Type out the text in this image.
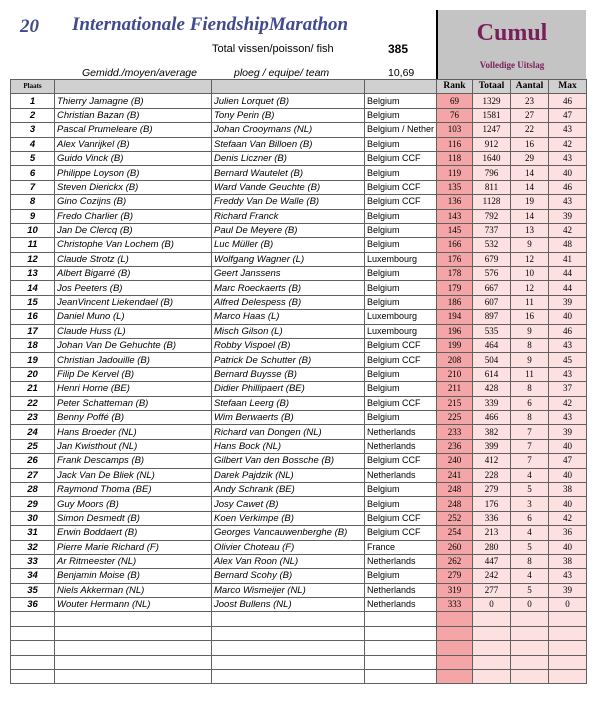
20 Internationale FiendshipMarathon
Total vissen/poisson/ fish	385
Gemidd./moyen/average	ploeg / equipe/ team	10,69
Cumul
Volledige Uitslag
Plaats				Rank	Totaal	Aantal	Max
1	Thierry Jamagne (B)	Julien Lorquet (B)	Belgium	69	1329	23	46
2	Christian Bazan (B)	Tony Perin (B)	Belgium	76	1581	27	47
3	Pascal Prumeleare (B)	Johan Crooymans (NL)	Belgium / Nether	103	1247	22	43
4	Alex Vanrijkel (B)	Stefaan Van Billoen (B)	Belgium	116	912	16	42
5	Guido Vinck (B)	Denis Liczner (B)	Belgium CCF	118	1640	29	43
6	Philippe Loyson (B)	Bernard Wautelet (B)	Belgium	119	796	14	40
7	Steven Dierickx (B)	Ward Vande Geuchte (B)	Belgium CCF	135	811	14	46
8	Gino Cozijns (B)	Freddy Van De Walle (B)	Belgium CCF	136	1128	19	43
9	Fredo Charlier (B)	Richard Franck	Belgium	143	792	14	39
10	Jan De Clercq (B)	Paul De Meyere (B)	Belgium	145	737	13	42
11	Christophe Van Lochem (B)	Luc Müller (B)	Belgium	166	532	9	48
12	Claude Strotz (L)	Wolfgang Wagner (L)	Luxembourg	176	679	12	41
13	Albert Bigarré (B)	Geert Janssens	Belgium	178	576	10	44
14	Jos Peeters (B)	Marc Roeckaerts (B)	Belgium	179	667	12	44
15	JeanVincent Liekendael (B)	Alfred Delespess (B)	Belgium	186	607	11	39
16	Daniel Muno (L)	Marco Haas (L)	Luxembourg	194	897	16	40
17	Claude Huss (L)	Misch Gilson (L)	Luxembourg	196	535	9	46
18	Johan Van De Gehuchte (B)	Robby Vispoel (B)	Belgium CCF	199	464	8	43
19	Christian Jadouille (B)	Patrick De Schutter (B)	Belgium CCF	208	504	9	45
20	Filip De Kervel (B)	Bernard Buysse (B)	Belgium	210	614	11	43
21	Henri Horne (BE)	Didier Phillipaert (BE)	Belgium	211	428	8	37
22	Peter Schatteman (B)	Stefaan Leerg (B)	Belgium CCF	215	339	6	42
23	Benny Poffé (B)	Wim Berwaerts (B)	Belgium	225	466	8	43
24	Hans Broeder (NL)	Richard van Dongen (NL)	Netherlands	233	382	7	39
25	Jan Kwisthout (NL)	Hans Bock (NL)	Netherlands	236	399	7	40
26	Frank Descamps (B)	Gilbert Van den Bossche (B)	Belgium CCF	240	412	7	47
27	Jack Van De Bliek (NL)	Darek Pajdzik (NL)	Netherlands	241	228	4	40
28	Raymond Thoma (BE)	Andy Schrank (BE)	Belgium	248	279	5	38
29	Guy Moors (B)	Josy Cawet (B)	Belgium	248	176	3	40
30	Simon Desmedt (B)	Koen Verkimpe (B)	Belgium CCF	252	336	6	42
31	Erwin Boddaert (B)	Georges Vancauwenberghe (B)	Belgium CCF	254	213	4	36
32	Pierre Marie Richard (F)	Olivier Choteau (F)	France	260	280	5	40
33	Ar Ritmeester (NL)	Alex Van Roon (NL)	Netherlands	262	447	8	38
34	Benjamin Moise (B)	Bernard Scohy (B)	Belgium	279	242	4	43
35	Niels Akkerman (NL)	Marco Wismeijer (NL)	Netherlands	319	277	5	39
36	Wouter Hermann (NL)	Joost Bullens (NL)	Netherlands	333	0	0	0
